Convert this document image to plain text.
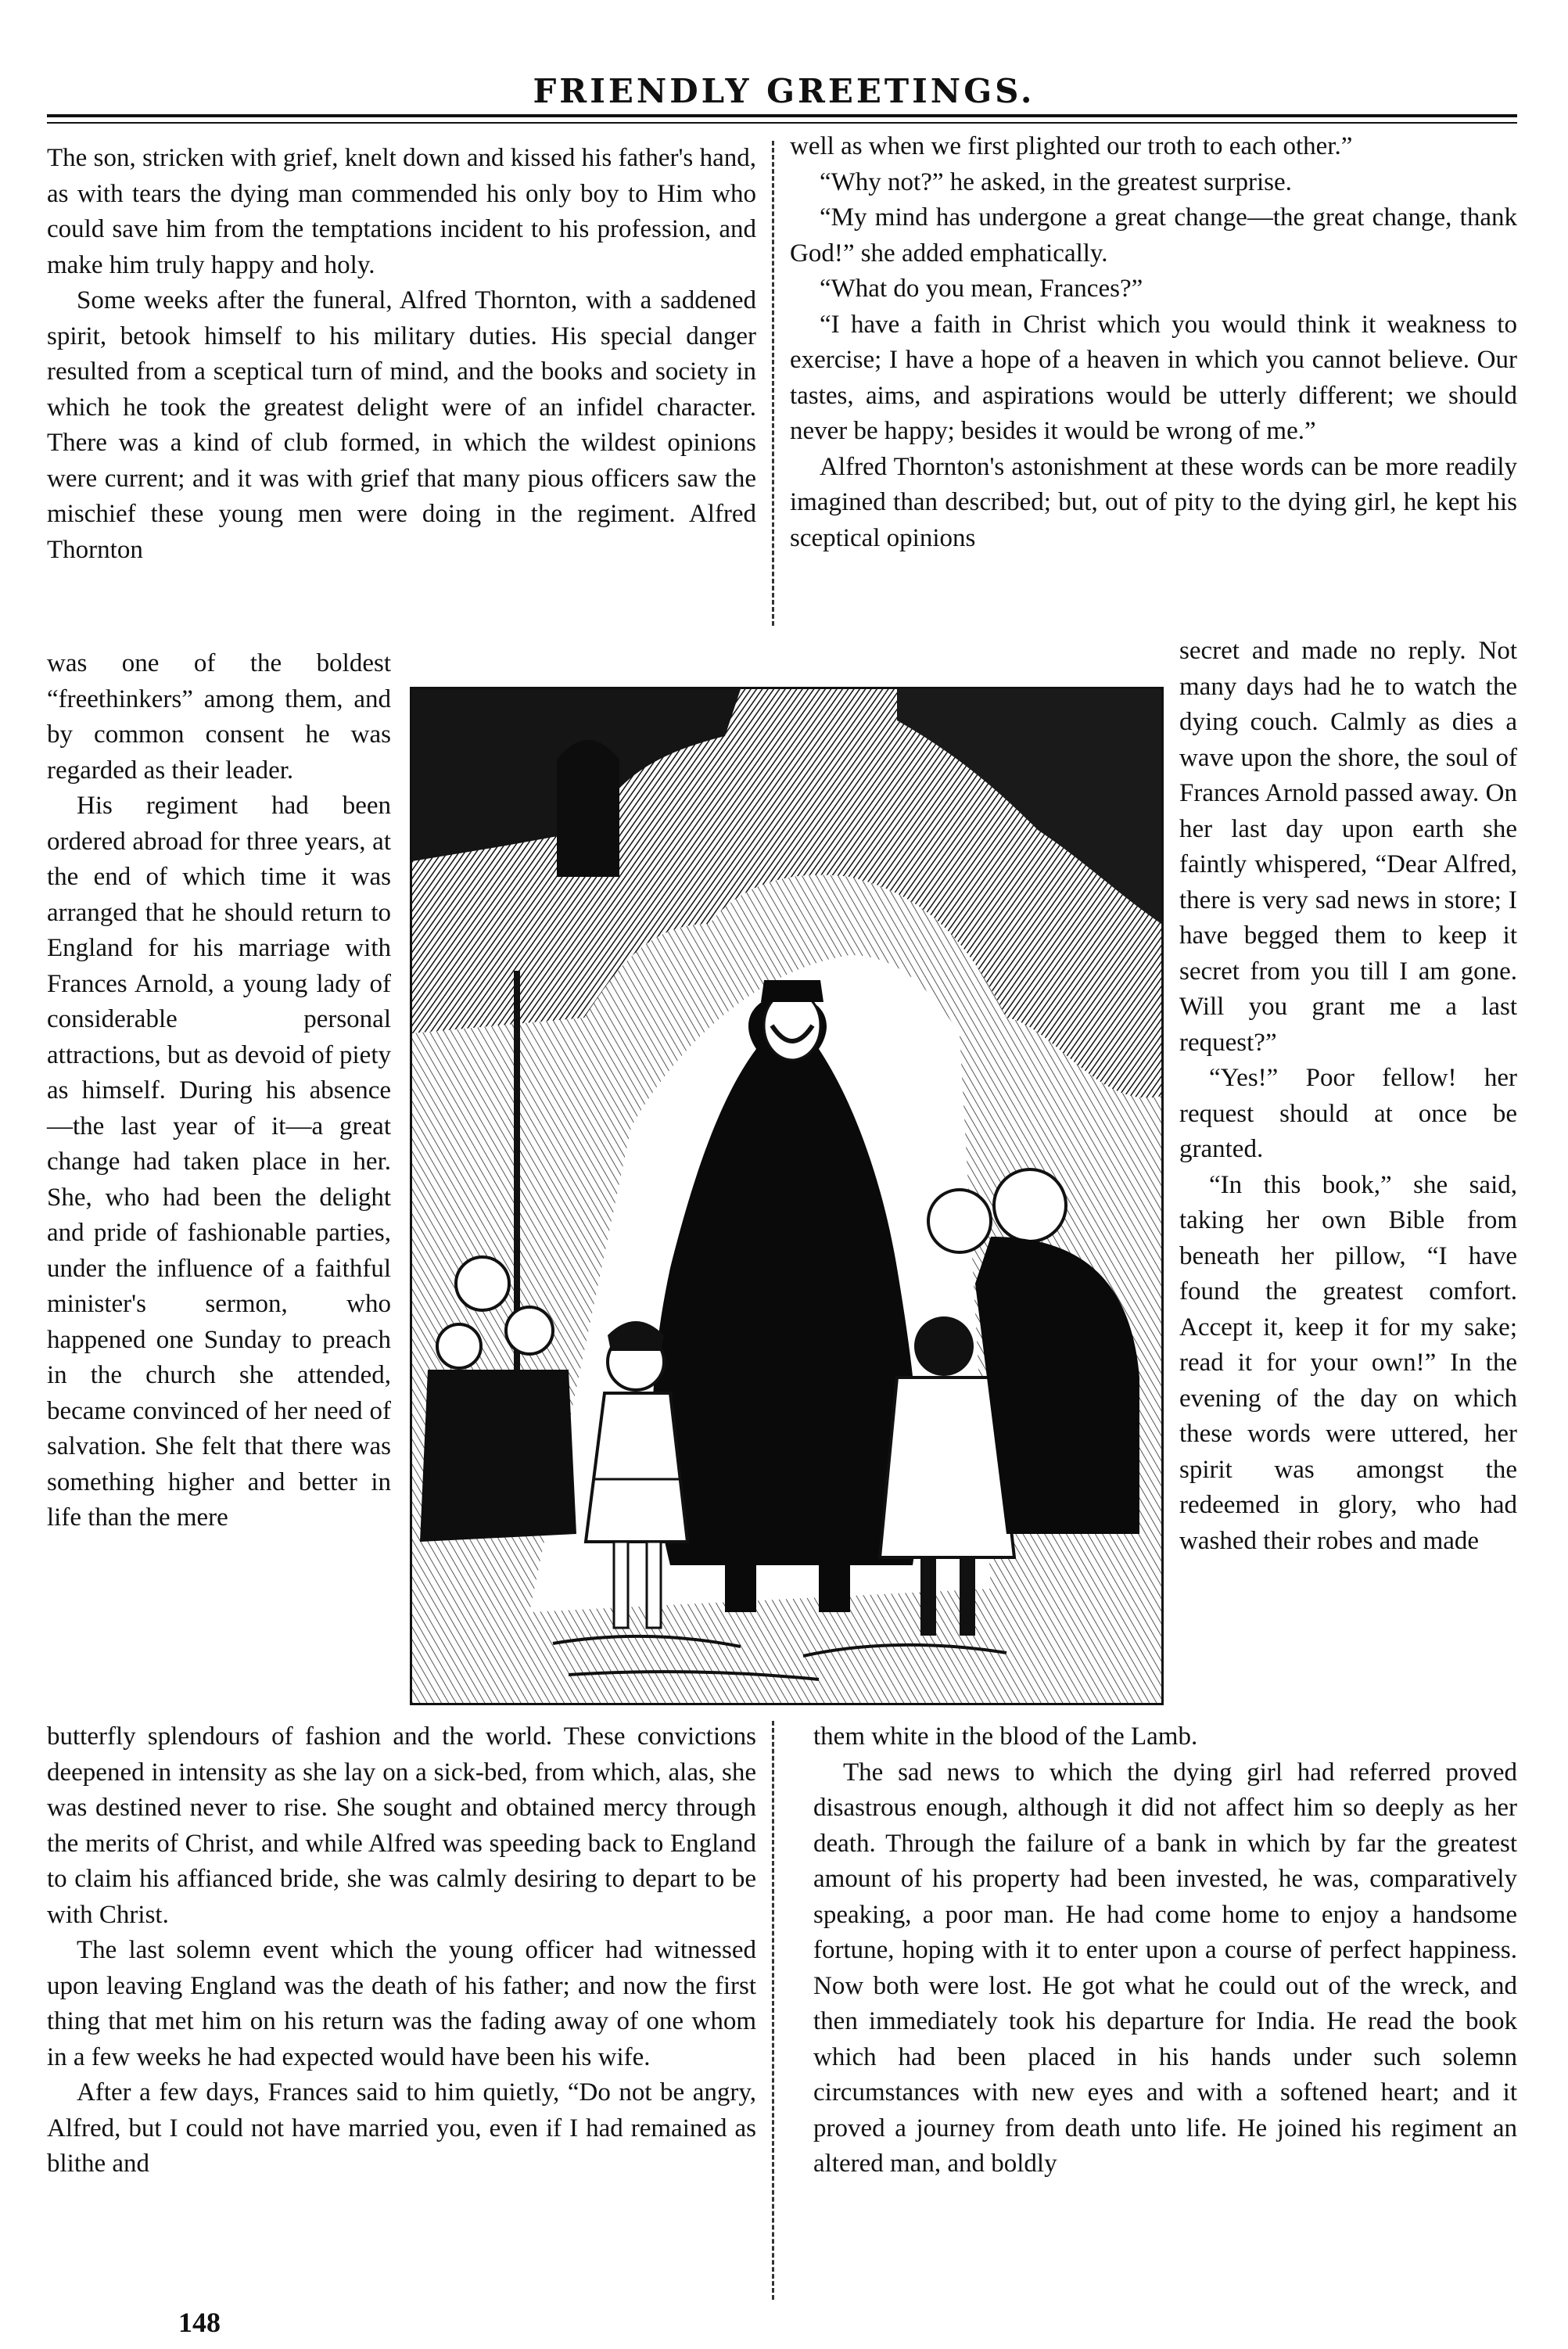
FRIENDLY GREETINGS.

The son, stricken with grief, knelt down and kissed his father's hand, as with tears the dying man commended his only boy to Him who could save him from the temptations incident to his profession, and make him truly happy and holy.

Some weeks after the funeral, Alfred Thornton, with a saddened spirit, betook himself to his military duties. His special danger resulted from a sceptical turn of mind, and the books and society in which he took the greatest delight were of an infidel character. There was a kind of club formed, in which the wildest opinions were current; and it was with grief that many pious officers saw the mischief these young men were doing in the regiment. Alfred Thornton

was one of the boldest “freethinkers” among them, and by common consent he was regarded as their leader.

His regiment had been ordered abroad for three years, at the end of which time it was arranged that he should return to England for his marriage with Frances Arnold, a young lady of considerable personal attractions, but as devoid of piety as himself. During his absence —the last year of it—a great change had taken place in her. She, who had been the delight and pride of fashionable parties, under the influence of a faithful minister's sermon, who happened one Sunday to preach in the church she attended, became convinced of her need of salvation. She felt that there was something higher and better in life than the mere

butterfly splendours of fashion and the world. These convictions deepened in intensity as she lay on a sick-bed, from which, alas, she was destined never to rise. She sought and obtained mercy through the merits of Christ, and while Alfred was speeding back to England to claim his affianced bride, she was calmly desiring to depart to be with Christ.

The last solemn event which the young officer had witnessed upon leaving England was the death of his father; and now the first thing that met him on his return was the fading away of one whom in a few weeks he had expected would have been his wife.

After a few days, Frances said to him quietly, “Do not be angry, Alfred, but I could not have married you, even if I had remained as blithe and

well as when we first plighted our troth to each other.”

“Why not?” he asked, in the greatest surprise.

“My mind has undergone a great change—the great change, thank God!” she added emphatically.

“What do you mean, Frances?”

“I have a faith in Christ which you would think it weakness to exercise; I have a hope of a heaven in which you cannot believe. Our tastes, aims, and aspirations would be utterly different; we should never be happy; besides it would be wrong of me.”

Alfred Thornton's astonishment at these words can be more readily imagined than described; but, out of pity to the dying girl, he kept his sceptical opinions

secret and made no reply. Not many days had he to watch the dying couch. Calmly as dies a wave upon the shore, the soul of Frances Arnold passed away. On her last day upon earth she faintly whispered, “Dear Alfred, there is very sad news in store; I have begged them to keep it secret from you till I am gone. Will you grant me a last request?”

“Yes!” Poor fellow! her request should at once be granted.

“In this book,” she said, taking her own Bible from beneath her pillow, “I have found the greatest comfort. Accept it, keep it for my sake; read it for your own!” In the evening of the day on which these words were uttered, her spirit was amongst the redeemed in glory, who had washed their robes and made

them white in the blood of the Lamb.

The sad news to which the dying girl had referred proved disastrous enough, although it did not affect him so deeply as her death. Through the failure of a bank in which by far the greatest amount of his property had been invested, he was, comparatively speaking, a poor man. He had come home to enjoy a handsome fortune, hoping with it to enter upon a course of perfect happiness. Now both were lost. He got what he could out of the wreck, and then immediately took his departure for India. He read the book which had been placed in his hands under such solemn circumstances with new eyes and with a softened heart; and it proved a journey from death unto life. He joined his regiment an altered man, and boldly

148
